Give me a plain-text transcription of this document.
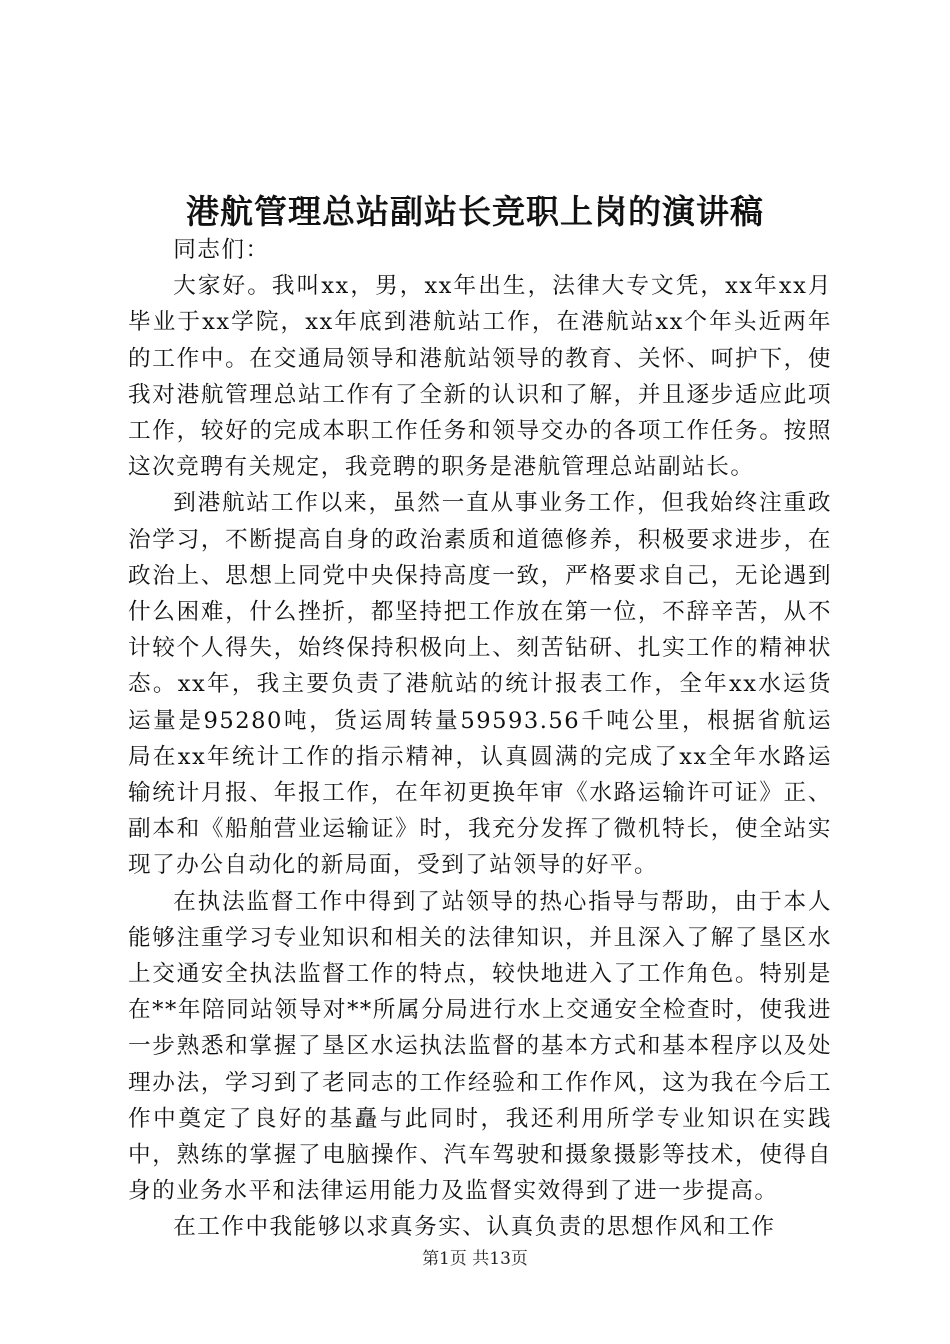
港航管理总站副站长竞职上岗的演讲稿

同志们：

大家好。我叫xx，男，xx年出生，法律大专文凭，xx年xx月毕业于xx学院，xx年底到港航站工作，在港航站xx个年头近两年的工作中。在交通局领导和港航站领导的教育、关怀、呵护下，使我对港航管理总站工作有了全新的认识和了解，并且逐步适应此项工作，较好的完成本职工作任务和领导交办的各项工作任务。按照这次竞聘有关规定，我竞聘的职务是港航管理总站副站长。

到港航站工作以来，虽然一直从事业务工作，但我始终注重政治学习，不断提高自身的政治素质和道德修养，积极要求进步，在政治上、思想上同党中央保持高度一致，严格要求自己，无论遇到什么困难，什么挫折，都坚持把工作放在第一位，不辞辛苦，从不计较个人得失，始终保持积极向上、刻苦钻研、扎实工作的精神状态。xx年，我主要负责了港航站的统计报表工作，全年xx水运货运量是95280吨，货运周转量59593.56千吨公里，根据省航运局在xx年统计工作的指示精神，认真圆满的完成了xx全年水路运输统计月报、年报工作，在年初更换年审《水路运输许可证》正、副本和《船舶营业运输证》时，我充分发挥了微机特长，使全站实现了办公自动化的新局面，受到了站领导的好平。

在执法监督工作中得到了站领导的热心指导与帮助，由于本人能够注重学习专业知识和相关的法律知识，并且深入了解了垦区水上交通安全执法监督工作的特点，较快地进入了工作角色。特别是在**年陪同站领导对**所属分局进行水上交通安全检查时，使我进一步熟悉和掌握了垦区水运执法监督的基本方式和基本程序以及处理办法，学习到了老同志的工作经验和工作作风，这为我在今后工作中奠定了良好的基矗与此同时，我还利用所学专业知识在实践中，熟练的掌握了电脑操作、汽车驾驶和摄象摄影等技术，使得自身的业务水平和法律运用能力及监督实效得到了进一步提高。

在工作中我能够以求真务实、认真负责的思想作风和工作

第1页 共13页
